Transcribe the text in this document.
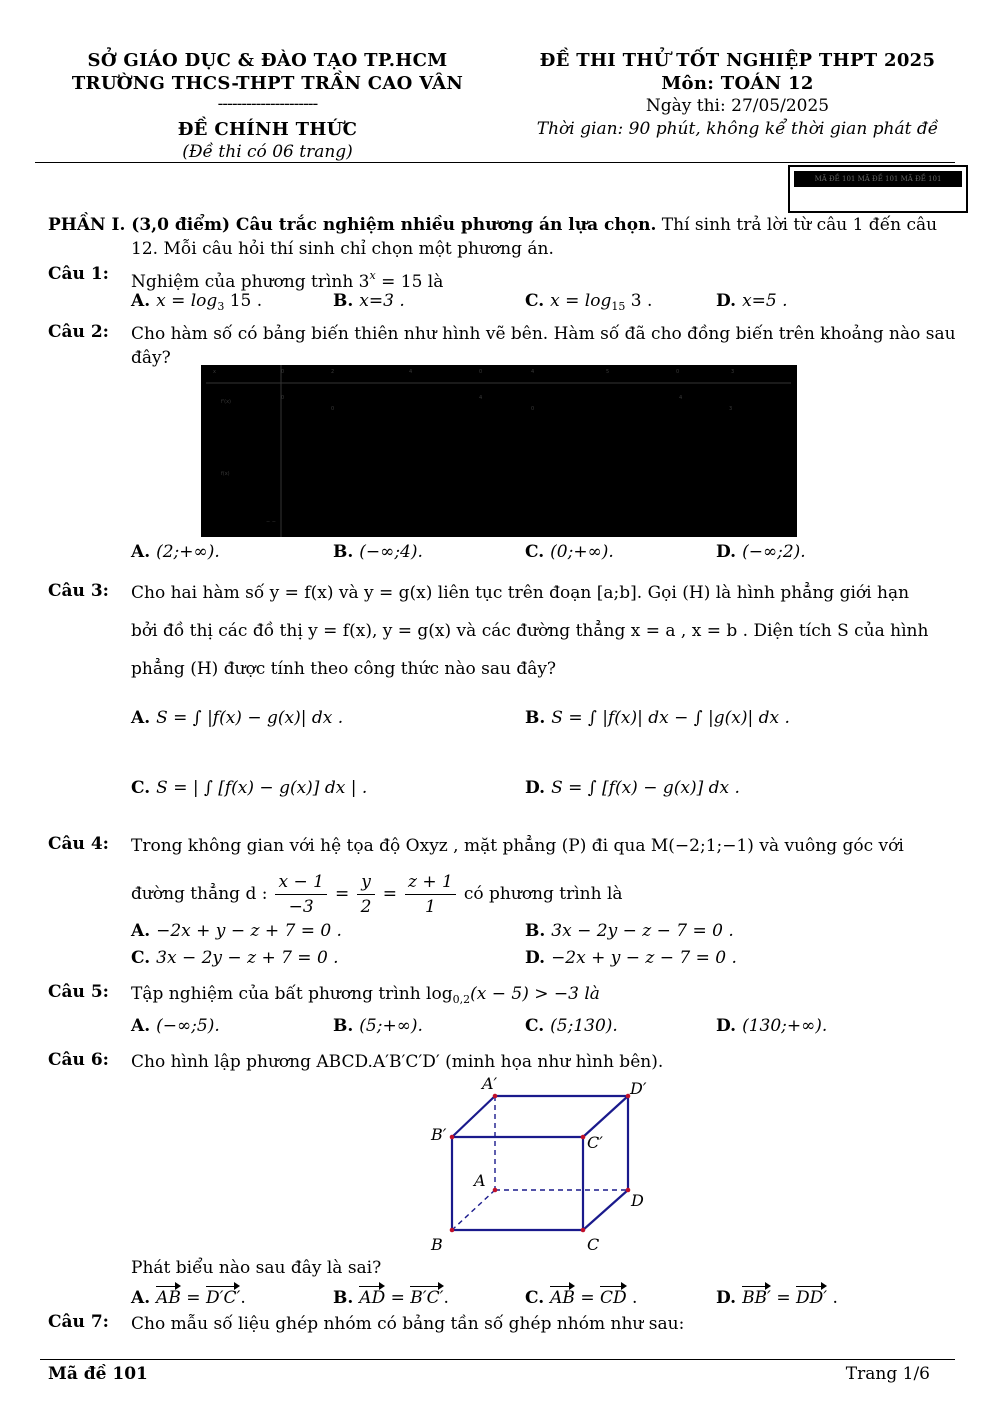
SỞ GIÁO DỤC & ĐÀO TẠO TP.HCM
TRƯỜNG THCS-THPT TRẦN CAO VÂN
---------------------
ĐỀ CHÍNH THỨC
(Đề thi có 06 trang)
ĐỀ THI THỬ TỐT NGHIỆP THPT 2025
Môn: TOÁN 12
Ngày thi: 27/05/2025
Thời gian: 90 phút, không kể thời gian phát đề
MÃ ĐỀ 101 MÃ ĐỀ 101 MÃ ĐỀ 101
PHẦN I. (3,0 điểm) Câu trắc nghiệm nhiều phương án lựa chọn. Thí sinh trả lời từ câu 1 đến câu
12. Mỗi câu hỏi thí sinh chỉ chọn một phương án.
Câu 1: Nghiệm của phương trình $3^x = 15$ là
A. $x = \log_3 15$ .	B. x=3 .	C. $x = \log_{15} 3$ .	D. x=5 .
Câu 2: Cho hàm số có bảng biến thiên như hình vẽ bên. Hàm số đã cho đồng biến trên khoảng nào sau
đây?
x	0	2	4	0	4	5	0	3
f'(x)
0	4	4
0	0	3
f(x)
− −
A. (2;+∞).	B. (−∞;4).	C. (0;+∞).	D. (−∞;2).
Câu 3: Cho hai hàm số y = f(x) và y = g(x) liên tục trên đoạn [a;b]. Gọi (H) là hình phẳng giới hạn
bởi đồ thị các đồ thị y = f(x), y = g(x) và các đường thẳng x = a , x = b . Diện tích S của hình
phẳng (H) được tính theo công thức nào sau đây?
A. S = ∫ |f(x) − g(x)| dx .	B. S = ∫ |f(x)| dx − ∫ |g(x)| dx .
C. S = | ∫ [f(x) − g(x)] dx | .	D. S = ∫ [f(x) − g(x)] dx .
Câu 4: Trong không gian với hệ tọa độ Oxyz , mặt phẳng (P) đi qua M(−2;1;−1) và vuông góc với
đường thẳng d : $\frac{x - 1}{-3} = \frac{y}{2} = \frac{z + 1}{1}$ có phương trình là
A. −2x + y − z + 7 = 0 .	B. 3x − 2y − z − 7 = 0 .
C. 3x − 2y − z + 7 = 0 .	D. −2x + y − z − 7 = 0 .
Câu 5: Tập nghiệm của bất phương trình $\log_{0,2}(x - 5) > -3$ là
A. (−∞;5).	B. (5;+∞).	C. (5;130).	D. (130;+∞).
Câu 6: Cho hình lập phương ABCD.A′B′C′D′ (minh họa như hình bên).
A′	D′
B′	C′
A
D
B	C
Phát biểu nào sau đây là sai?
A. AB = D′C′.	B. AD = B′C′.	C. AB = CD .	D. BB′ = DD′ .
Câu 7: Cho mẫu số liệu ghép nhóm có bảng tần số ghép nhóm như sau:
Mã đề 101	Trang 1/6
